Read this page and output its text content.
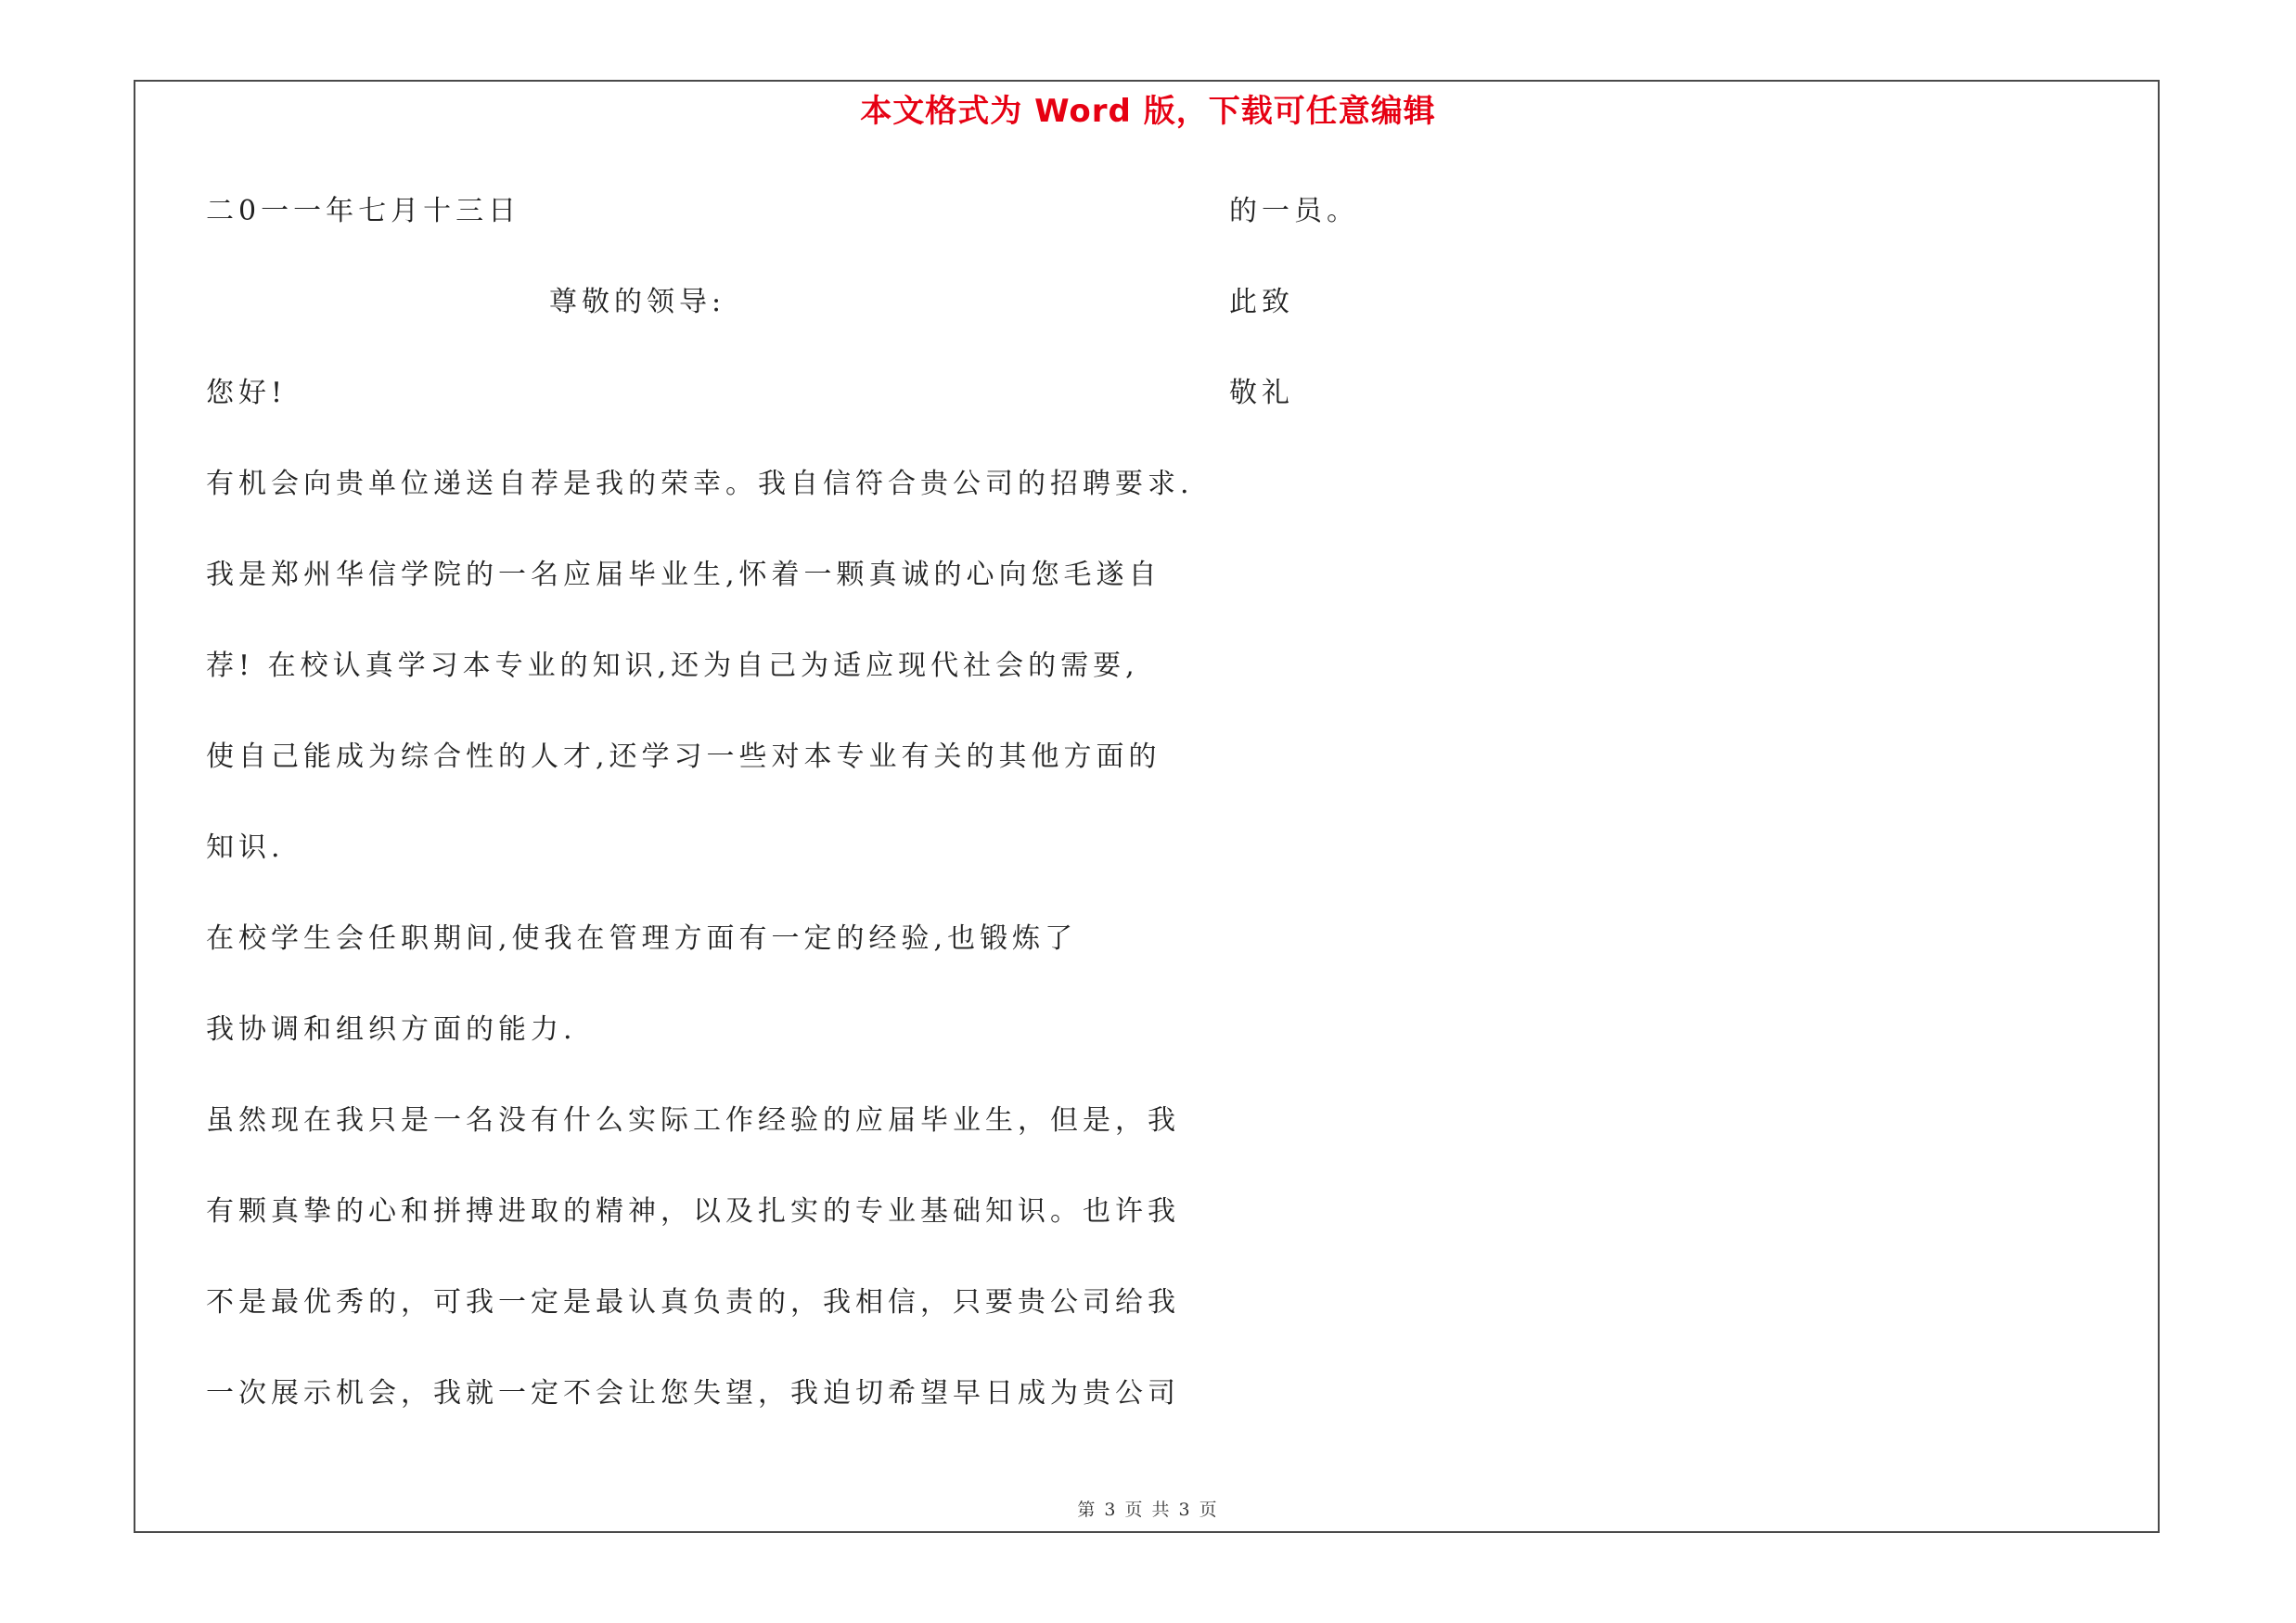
本文格式为 Word 版，下载可任意编辑
二0一一年七月十三日
尊敬的领导:
您好!
有机会向贵单位递送自荐是我的荣幸。我自信符合贵公司的招聘要求.
我是郑州华信学院的一名应届毕业生,怀着一颗真诚的心向您毛遂自
荐! 在校认真学习本专业的知识,还为自己为适应现代社会的需要,
使自己能成为综合性的人才,还学习一些对本专业有关的其他方面的
知识.
在校学生会任职期间,使我在管理方面有一定的经验,也锻炼了
我协调和组织方面的能力.
虽然现在我只是一名没有什么实际工作经验的应届毕业生，但是，我
有颗真挚的心和拼搏进取的精神，以及扎实的专业基础知识。也许我
不是最优秀的，可我一定是最认真负责的，我相信，只要贵公司给我
一次展示机会，我就一定不会让您失望，我迫切希望早日成为贵公司
的一员。
此致
敬礼
第 3 页 共 3 页
